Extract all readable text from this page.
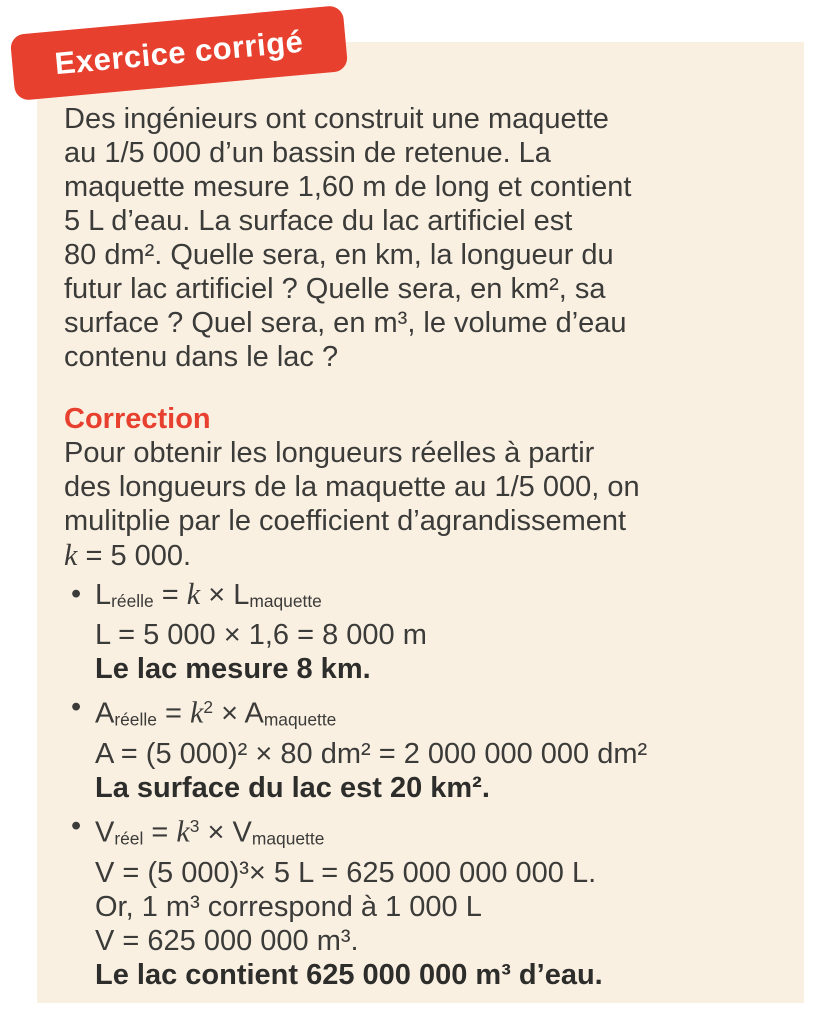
Des ingénieurs ont construit une maquette
au 1/5 000 d’un bassin de retenue. La
maquette mesure 1,60 m de long et contient
5 L d’eau. La surface du lac artificiel est
80 dm². Quelle sera, en km, la longueur du
futur lac artificiel ? Quelle sera, en km², sa
surface ? Quel sera, en m³, le volume d’eau
contenu dans le lac ?
Correction
Pour obtenir les longueurs réelles à partir
des longueurs de la maquette au 1/5 000, on
mulitplie par le coefficient d’agrandissement
k = 5 000.
• Lréelle = k × Lmaquette
L = 5 000 × 1,6 = 8 000 m
Le lac mesure 8 km.
• Aréelle = $k^2$ × Amaquette
A = (5 000)² × 80 dm² = 2 000 000 000 dm²
La surface du lac est 20 km².
• Vréel = $k^3$ × Vmaquette
V = (5 000)³× 5 L = 625 000 000 000 L.
Or, 1 m³ correspond à 1 000 L
V = 625 000 000 m³.
Le lac contient 625 000 000 m³ d’eau.
Exercice corrigé
